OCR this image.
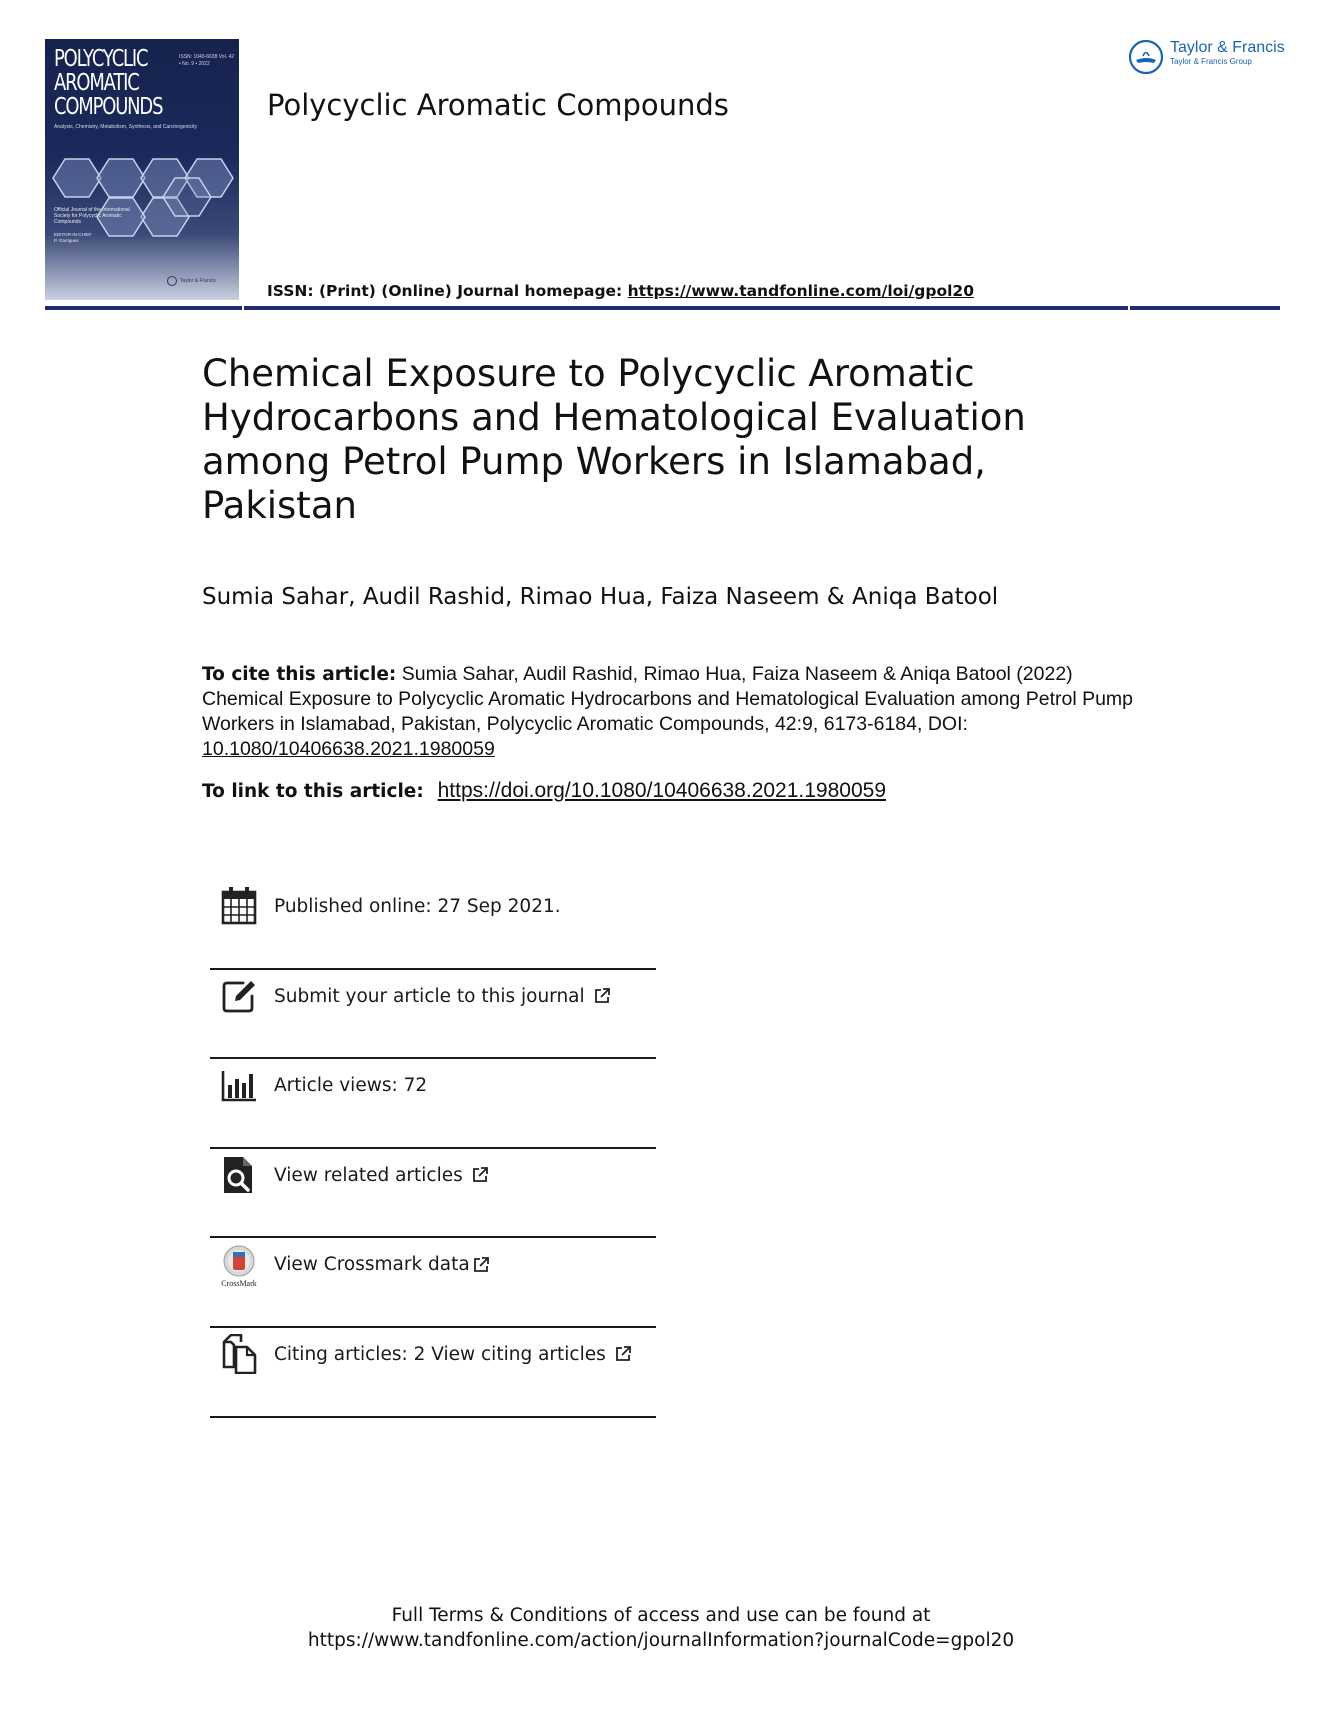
POLYCYCLIC
AROMATIC
COMPOUNDS
ISSN: 1040-6638 Vol. 42 • No. 9 • 2022
Analysis, Chemistry, Metabolism, Synthesis, and Carcinogenicity
Official Journal of the International Society for Polycyclic Aromatic Compounds
EDITOR-IN-CHIEF
P. Garrigues
Taylor & Francis
Polycyclic Aromatic Compounds
ISSN: (Print) (Online) Journal homepage: https://www.tandfonline.com/loi/gpol20
Taylor & Francis
Taylor & Francis Group
Chemical Exposure to Polycyclic Aromatic Hydrocarbons and Hematological Evaluation among Petrol Pump Workers in Islamabad, Pakistan
Sumia Sahar, Audil Rashid, Rimao Hua, Faiza Naseem & Aniqa Batool
To cite this article: Sumia Sahar, Audil Rashid, Rimao Hua, Faiza Naseem & Aniqa Batool (2022) Chemical Exposure to Polycyclic Aromatic Hydrocarbons and Hematological Evaluation among Petrol Pump Workers in Islamabad, Pakistan, Polycyclic Aromatic Compounds, 42:9, 6173-6184, DOI: 10.1080/10406638.2021.1980059
To link to this article: https://doi.org/10.1080/10406638.2021.1980059
Published online: 27 Sep 2021.
Submit your article to this journal
Article views: 72
View related articles
CrossMark
View Crossmark data
Citing articles: 2 View citing articles
Full Terms & Conditions of access and use can be found at
https://www.tandfonline.com/action/journalInformation?journalCode=gpol20
